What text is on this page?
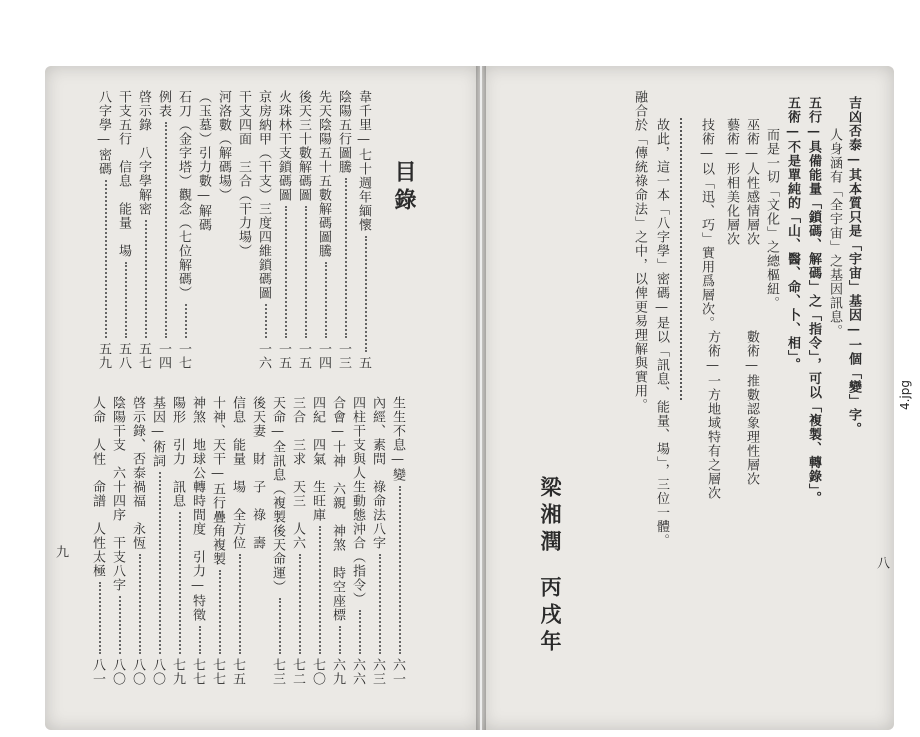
吉凶否泰—其本質只是「宇宙」基因—一個「變」字。
人身涵有「全宇宙」之基因訊息。
五行—具備能量「鎖碼、解碼」之「指令」，可以「複製、轉錄」。
五術—不是單純的「山、醫、命、卜、相」。
而是一切「文化」之總樞紐。
巫術—人性感情層次
數術—推數認象理性層次
藝術—形相美化層次
方術—一方地域特有之層次
技術—以「迅、巧」實用爲層次。
故此，這一本「八字學」密碼—是以「訊息、能量、場」，三位一體。
融合於「傳統祿命法」之中，以俾更易理解與實用。
梁湘潤
丙戌年
八
目錄
韋千里—七十週年緬懷
五
陰陽五行圖騰
一三
先天陰陽五十五數解碼圖騰
一四
後天三十數解碼圖
一五
火珠林干支鎖碼圖
一五
京房納甲（干支）三度四維鎖碼圖
一六
干支四面　三合（干力場）
河洛數（解碼場）
（玉墓）引力數—解碼
石刀（金字塔）觀念（七位解碼）
一七
例表
一四
啓示錄　八字學解密
五七
干支五行　信息　能量　場
五八
八字學—密碼
五九
生生不息—變
六一
內經、素問　祿命法八字
六三
四柱干支與人生動態沖合（指令）
六六
合會—十神　六親　神煞　時空座標
六九
四紀　四氣　生旺庫
七〇
三合　三求　天三　人六
七二
天命—全訊息（複製後天命運）
七三
後天妻　財　子　祿　壽
信息　能量　場　全方位
七五
十神、天干—五行疊角複製
七七
神煞　地球公轉時間度　引力—特徵
七七
陽形　引力　訊息
七九
基因—術詞
八〇
啓示錄、否泰禍福　永恆
八〇
陰陽干支　六十四序　干支八字
八〇
人命　人性　命譜　人性太極
八一
九
4.jpg
